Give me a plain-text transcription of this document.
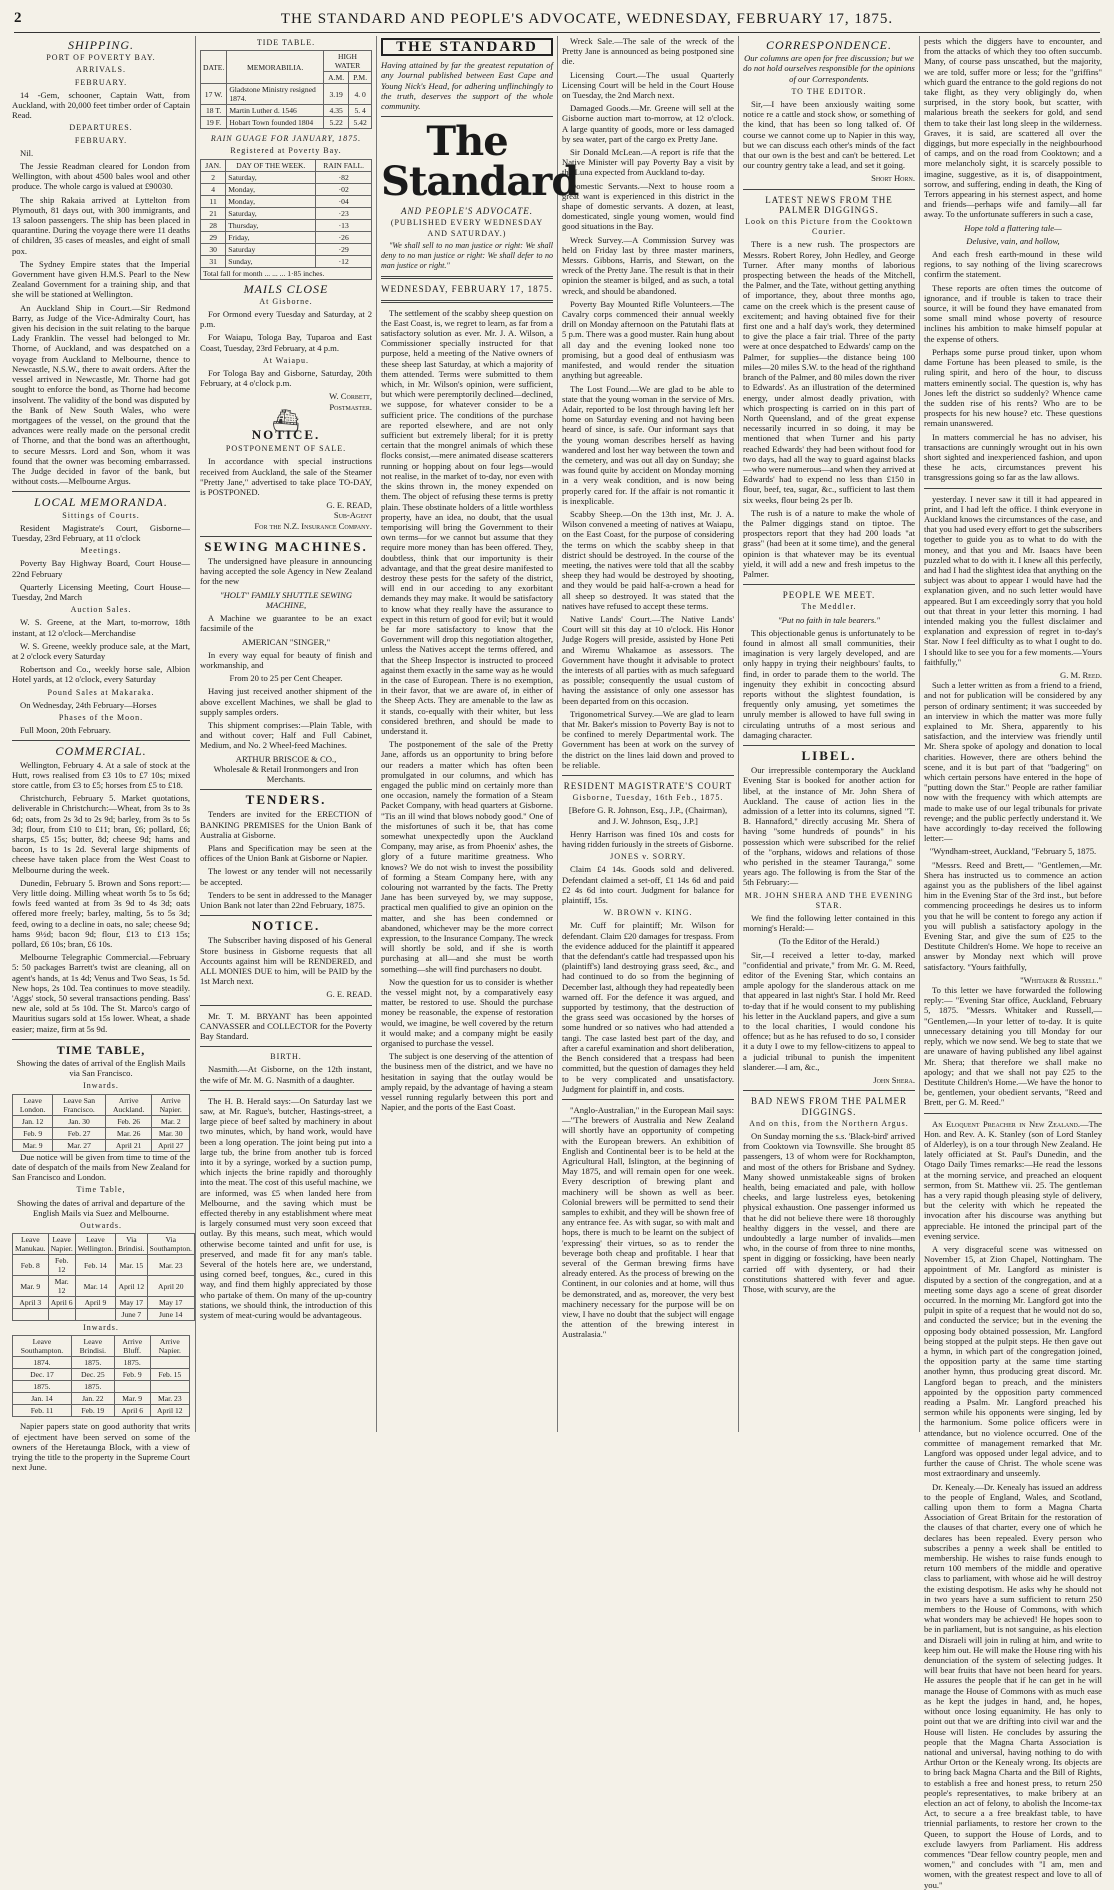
2	THE STANDARD AND PEOPLE'S ADVOCATE, WEDNESDAY, FEBRUARY 17, 1875.
SHIPPING.
PORT OF POVERTY BAY.
ARRIVALS.
FEBRUARY.

14 -Gem, schooner, Captain Watt, from Auckland, with 20,000 feet timber order of Captain Read.

DEPARTURES.
FEBRUARY.

Nil.

The Jessie Readman cleared for London from Wellington, with about 4500 bales wool and other produce. The whole cargo is valued at £90030.

The ship Rakaia arrived at Lyttelton from Plymouth, 81 days out, with 300 immigrants, and 13 saloon passengers. The ship has been placed in quarantine. During the voyage there were 11 deaths of children, 35 cases of measles, and eight of small pox.

The Sydney Empire states that the Imperial Government have given H.M.S. Pearl to the New Zealand Government for a training ship, and that she will be stationed at Wellington.

An Auckland Ship in Court.—Sir Redmond Barry, as Judge of the Vice-Admiralty Court, has given his decision in the suit relating to the barque Lady Franklin. The vessel had belonged to Mr. Thorne, of Auckland, and was despatched on a voyage from Auckland to Melbourne, thence to Newcastle, N.S.W., there to await orders. After the vessel arrived in Newcastle, Mr. Thorne had got sought to enforce the bond, as Thorne had become insolvent. The validity of the bond was disputed by the Bank of New South Wales, who were mortgagees of the vessel, on the ground that the advances were really made on the personal credit of Thorne, and that the bond was an afterthought, to secure Messrs. Lord and Son, whom it was found that the owner was becoming embarrassed. The Judge decided in favor of the bank, but without costs.—Melbourne Argus.

LOCAL MEMORANDA.
Sittings of Courts.

Resident Magistrate's Court, Gisborne—Tuesday, 23rd February, at 11 o'clock

Meetings.

Poverty Bay Highway Board, Court House—22nd February

Quarterly Licensing Meeting, Court House—Tuesday, 2nd March

Auction Sales.

W. S. Greene, at the Mart, to-morrow, 18th instant, at 12 o'clock—Merchandise

W. S. Greene, weekly produce sale, at the Mart, at 2 o'clock every Saturday

Robertson and Co., weekly horse sale, Albion Hotel yards, at 12 o'clock, every Saturday

Pound Sales at Makaraka.

On Wednesday, 24th February—Horses

Phases of the Moon.

Full Moon, 20th February.

COMMERCIAL.

Wellington, February 4. At a sale of stock at the Hutt, rows realised from £3 10s to £7 10s; mixed store cattle, from £3 to £5; horses from £5 to £18.

Christchurch, February 5. Market quotations, deliverable in Christchurch:—Wheat, from 3s to 3s 6d; oats, from 2s 3d to 2s 9d; barley, from 3s to 5s 3d; flour, from £10 to £11; bran, £6; pollard, £6; sharps, £5 15s; butter, 8d; cheese 9d; hams and bacon, 1s to 1s 2d. Several large shipments of cheese have taken place from the West Coast to Melbourne during the week.

Dunedin, February 5. Brown and Sons report:—Very little doing. Milling wheat worth 5s to 5s 6d; fowls feed wanted at from 3s 9d to 4s 3d; oats offered more freely; barley, malting, 5s to 5s 3d; feed, owing to a decline in oats, no sale; cheese 9d; hams 9½d; bacon 9d; flour, £13 to £13 15s; pollard, £6 10s; bran, £6 10s.

Melbourne Telegraphic Commercial.—February 5: 50 packages Barrett's twist are cleaning, all on agent's hands, at 1s 4d; Venus and Two Seas, 1s 5d. New hops, 2s 10d. Tea continues to move steadily. 'Aggs' stock, 50 several transactions pending. Bass' new ale, sold at 5s 10d. The St. Marco's cargo of Mauritius sugars sold at 15s lower. Wheat, a shade easier; maize, firm at 5s 9d.

TIME TABLE,

Showing the dates of arrival of the English Mails via San Francisco.

Inwards.
Leave London.	Leave San Francisco.	Arrive Auckland.	Arrive Napier.
Jan. 12	Jan. 30	Feb. 26	Mar. 2
Feb. 9	Feb. 27	Mar. 26	Mar. 30
Mar. 9	Mar. 27	April 21	April 27

Due notice will be given from time to time of the date of despatch of the mails from New Zealand for San Francisco and London.

Time Table,

Showing the dates of arrival and departure of the English Mails via Suez and Melbourne.

Outwards.
Leave Manukau.	Leave Napier.	Leave Wellington.	Via Brindisi.	Via Southampton.
Feb. 8	Feb. 12	Feb. 14	Mar. 15	Mar. 23
Mar. 9	Mar. 12	Mar. 14	April 12	April 20
April 3	April 6	April 9	May 17	May 17
			June 7	June 14
Inwards.
Leave Southampton.	Leave Brindisi.	Arrive Bluff.	Arrive Napier.
1874.	1875.	1875.	
Dec. 17	Dec. 25	Feb. 9	Feb. 15
1875.	1875.		
Jan. 14	Jan. 22	Mar. 9	Mar. 23
Feb. 11	Feb. 19	April 6	April 12

Napier papers state on good authority that writs of ejectment have been served on some of the owners of the Heretaunga Block, with a view of trying the title to the property in the Supreme Court next June.

TIDE TABLE.
DATE.	MEMORABILIA.	HIGH WATER	
		A.M.	P.M.
17 W.	Gladstone Ministry resigned 1874.	3.19	4. 0
18 T.	Martin Luther d. 1546	4.35	5. 4
19 F.	Hobart Town founded 1804	5.22	5.42
RAIN GUAGE FOR JANUARY, 1875.
Registered at Poverty Bay.
JAN.	DAY OF THE WEEK.	RAIN FALL.
2	Saturday,	·82
4	Monday,	·02
11	Monday,	·04
21	Saturday,	·23
28	Thursday,	·13
29	Friday,	·26
30	Saturday	·29
31	Sunday,	·12
Total fall for month ... ... ... 1·85 inches.		
MAILS CLOSE
At Gisborne.

For Ormond every Tuesday and Saturday, at 2 p.m.

For Waiapu, Tologa Bay, Tuparoa and East Coast, Tuesday, 23rd February, at 4 p.m.

At Waiapu.

For Tologa Bay and Gisborne, Saturday, 20th February, at 4 o'clock p.m.

W. Corbett,
Postmaster.
⛴
NOTICE.
POSTPONEMENT OF SALE.

In accordance with special instructions received from Auckland, the sale of the Steamer "Pretty Jane," advertised to take place TO-DAY, is POSTPONED.

G. E. READ,
Sub-Agent
For the N.Z. Insurance Company.
SEWING MACHINES.

The undersigned have pleasure in announcing having accepted the sole Agency in New Zealand for the new

"HOLT" FAMILY SHUTTLE SEWING MACHINE,

A Machine we guarantee to be an exact facsimile of the

AMERICAN "SINGER,"

In every way equal for beauty of finish and workmanship, and

From 20 to 25 per Cent Cheaper.

Having just received another shipment of the above excellent Machines, we shall be glad to supply samples orders.

This shipment comprises:—Plain Table, with and without cover; Half and Full Cabinet, Medium, and No. 2 Wheel-feed Machines.

ARTHUR BRISCOE & CO.,
Wholesale & Retail Ironmongers and Iron Merchants.
TENDERS.

Tenders are invited for the ERECTION of BANKING PREMISES for the Union Bank of Australia at Gisborne.

Plans and Specification may be seen at the offices of the Union Bank at Gisborne or Napier.

The lowest or any tender will not necessarily be accepted.

Tenders to be sent in addressed to the Manager Union Bank not later than 22nd February, 1875.

NOTICE.

The Subscriber having disposed of his General Store business in Gisborne requests that all Accounts against him will be RENDERED, and ALL MONIES DUE to him, will be PAID by the 1st March next.

G. E. READ.

Mr. T. M. BRYANT has been appointed CANVASSER and COLLECTOR for the Poverty Bay Standard.

BIRTH.

Nasmith.—At Gisborne, on the 12th instant, the wife of Mr. M. G. Nasmith of a daughter.

The H. B. Herald says:—On Saturday last we saw, at Mr. Rague's, butcher, Hastings-street, a large piece of beef salted by machinery in about two minutes, which, by hand work, would have been a long operation. The joint being put into a large tub, the brine from another tub is forced into it by a syringe, worked by a suction pump, which injects the brine rapidly and thoroughly into the meat. The cost of this useful machine, we are informed, was £5 when landed here from Melbourne, and the saving which must be effected thereby in any establishment where meat is largely consumed must very soon exceed that outlay. By this means, such meat, which would otherwise become tainted and unfit for use, is preserved, and made fit for any man's table. Several of the hotels here are, we understand, using corned beef, tongues, &c., cured in this way, and find them highly appreciated by those who partake of them. On many of the up-country stations, we should think, the introduction of this system of meat-curing would be advantageous.

THE STANDARD

Having attained by far the greatest reputation of any Journal published between East Cape and Young Nick's Head, for adhering unflinchingly to the truth, deserves the support of the whole community.

The Standard
AND PEOPLE'S ADVOCATE.
(PUBLISHED EVERY WEDNESDAY AND SATURDAY.)

"We shall sell to no man justice or right: We shall deny to no man justice or right: We shall defer to no man justice or right."

WEDNESDAY, FEBRUARY 17, 1875.

The settlement of the scabby sheep question on the East Coast, is, we regret to learn, as far from a satisfactory solution as ever. Mr. J. A. Wilson, a Commissioner specially instructed for that purpose, held a meeting of the Native owners of these sheep last Saturday, at which a majority of them attended. Terms were submitted to them which, in Mr. Wilson's opinion, were sufficient, but which were peremptorily declined—declined, we suppose, for whatever consider to be a sufficient price. The conditions of the purchase are reported elsewhere, and are not only sufficient but extremely liberal; for it is pretty certain that the mongrel animals of which these flocks consist,—mere animated disease scatterers running or hopping about on four legs—would not realise, in the market of to-day, nor even with the skins thrown in, the money expended on them. The object of refusing these terms is pretty plain. These obstinate holders of a little worthless property, have an idea, no doubt, that the usual temporising will bring the Government to their own terms—for we cannot but assume that they require more money than has been offered. They, doubtless, think that our importunity is their advantage, and that the great desire manifested to destroy these pests for the safety of the district, will end in our acceding to any exorbitant demands they may make. It would be satisfactory to know what they really have the assurance to expect in this return of good for evil; but it would be far more satisfactory to know that the Government will drop this negotiation altogether, unless the Natives accept the terms offered, and that the Sheep Inspector is instructed to proceed against them exactly in the same way as he would in the case of European. There is no exemption, in their favor, that we are aware of, in either of the Sheep Acts. They are amenable to the law as it stands, co-equally with their whiter, but less considered brethren, and should be made to understand it.

The postponement of the sale of the Pretty Jane, affords us an opportunity to bring before our readers a matter which has often been promulgated in our columns, and which has engaged the public mind on certainly more than one occasion, namely the formation of a Steam Packet Company, with head quarters at Gisborne. "Tis an ill wind that blows nobody good." One of the misfortunes of such it be, that has come somewhat unexpectedly upon the Auckland Company, may arise, as from Phoenix' ashes, the glory of a future maritime greatness. Who knows? We do not wish to invest the possibility of forming a Steam Company here, with any colouring not warranted by the facts. The Pretty Jane has been surveyed by, we may suppose, practical men qualified to give an opinion on the matter, and she has been condemned or abandoned, whichever may be the more correct expression, to the Insurance Company. The wreck will shortly be sold, and if she is worth purchasing at all—and she must be worth something—she will find purchasers no doubt.

Now the question for us to consider is whether the vessel might not, by a comparatively easy matter, be restored to use. Should the purchase money be reasonable, the expense of restoration would, we imagine, be well covered by the return it would make; and a company might be easily organised to purchase the vessel.

The subject is one deserving of the attention of the business men of the district, and we have no hesitation in saying that the outlay would be amply repaid, by the advantage of having a steam vessel running regularly between this port and Napier, and the ports of the East Coast.

Wreck Sale.—The sale of the wreck of the Pretty Jane is announced as being postponed sine die.

Licensing Court.—The usual Quarterly Licensing Court will be held in the Court House on Tuesday, the 2nd March next.

Damaged Goods.—Mr. Greene will sell at the Gisborne auction mart to-morrow, at 12 o'clock. A large quantity of goods, more or less damaged by sea water, part of the cargo ex Pretty Jane.

Sir Donald McLean.—A report is rife that the Native Minister will pay Poverty Bay a visit by the Luna expected from Auckland to-day.

Domestic Servants.—Next to house room a great want is experienced in this district in the shape of domestic servants. A dozen, at least, domesticated, single young women, would find good situations in the Bay.

Wreck Survey.—A Commission Survey was held on Friday last by three master mariners, Messrs. Gibbons, Harris, and Stewart, on the wreck of the Pretty Jane. The result is that in their opinion the steamer is bilged, and as such, a total wreck, and should be abandoned.

Poverty Bay Mounted Rifle Volunteers.—The Cavalry corps commenced their annual weekly drill on Monday afternoon on the Patutahi flats at 5 p.m. There was a good muster. Rain hung about all day and the evening looked none too promising, but a good deal of enthusiasm was manifested, and would render the situation anything but agreeable.

The Lost Found.—We are glad to be able to state that the young woman in the service of Mrs. Adair, reported to be lost through having left her home on Saturday evening and not having been heard of since, is safe. Our informant says that the young woman describes herself as having wandered and lost her way between the town and the cemetery, and was out all day on Sunday; she was found quite by accident on Monday morning in a very weak condition, and is now being properly cared for. If the affair is not romantic it is inexplicable.

Scabby Sheep.—On the 13th inst, Mr. J. A. Wilson convened a meeting of natives at Waiapu, on the East Coast, for the purpose of considering the terms on which the scabby sheep in that district should be destroyed. In the course of the meeting, the natives were told that all the scabby sheep they had would be destroyed by shooting, and they would be paid half-a-crown a head for all sheep so destroyed. It was stated that the natives have refused to accept these terms.

Native Lands' Court.—The Native Lands' Court will sit this day at 10 o'clock. His Honor Judge Rogers will preside, assisted by Hone Peti and Wiremu Whakamoe as assessors. The Government have thought it advisable to protect the interests of all parties with as much safeguard as possible; consequently the usual custom of having the assistance of only one assessor has been departed from on this occasion.

Trigonometrical Survey.—We are glad to learn that Mr. Baker's mission to Poverty Bay is not to be confined to merely Departmental work. The Government has been at work on the survey of the district on the lines laid down and proved to be reliable.

RESIDENT MAGISTRATE'S COURT
Gisborne, Tuesday, 16th Feb., 1875.

[Before G. R. Johnson, Esq., J.P., (Chairman), and J. W. Johnson, Esq., J.P.]

Henry Harrison was fined 10s and costs for having ridden furiously in the streets of Gisborne.

JONES v. SORRY.

Claim £4 14s. Goods sold and delivered. Defendant claimed a set-off, £1 14s 6d and paid £2 4s 6d into court. Judgment for balance for plaintiff, 15s.

W. BROWN v. KING.

Mr. Cuff for plaintiff; Mr. Wilson for defendant. Claim £20 damages for trespass. From the evidence adduced for the plaintiff it appeared that the defendant's cattle had trespassed upon his (plaintiff's) land destroying grass seed, &c., and had continued to do so from the beginning of December last, although they had repeatedly been warned off. For the defence it was argued, and supported by testimony, that the destruction of the grass seed was occasioned by the horses of some hundred or so natives who had attended a tangi. The case lasted best part of the day, and after a careful examination and short deliberation, the Bench considered that a trespass had been committed, but the question of damages they held to be very complicated and unsatisfactory. Judgment for plaintiff in, and costs.

"Anglo-Australian," in the European Mail says:—"The brewers of Australia and New Zealand will shortly have an opportunity of competing with the European brewers. An exhibition of English and Continental beer is to be held at the Agricultural Hall, Islington, at the beginning of May 1875, and will remain open for one week. Every description of brewing plant and machinery will be shown as well as beer. Colonial brewers will be permitted to send their samples to exhibit, and they will be shown free of any entrance fee. As with sugar, so with malt and hops, there is much to be learnt on the subject of 'expressing' their virtues, so as to render the beverage both cheap and profitable. I hear that several of the German brewing firms have already entered. As the process of brewing on the Continent, in our colonies and at home, will thus be demonstrated, and as, moreover, the very best machinery necessary for the purpose will be on view, I have no doubt that the subject will engage the attention of the brewing interest in Australasia."

CORRESPONDENCE.

Our columns are open for free discussion; but we do not hold ourselves responsible for the opinions of our Correspondents.

TO THE EDITOR.

Sir,—I have been anxiously waiting some notice re a cattle and stock show, or something of the kind, that has been so long talked of. Of course we cannot come up to Napier in this way, but we can discuss each other's minds of the fact that our own is the best and can't be bettered. Let our country gentry take a lead, and set it going.

Short Horn.
LATEST NEWS FROM THE PALMER DIGGINGS.
Look on this Picture from the Cooktown Courier.

There is a new rush. The prospectors are Messrs. Robert Rorey, John Hedley, and George Turner. After many months of laborious prospecting between the heads of the Mitchell, the Palmer, and the Tate, without getting anything of importance, they, about three months ago, came on the creek which is the present cause of excitement; and having obtained five for their first one and a half day's work, they determined to give the place a fair trial. Three of the party were at once despatched to Edwards' camp on the Palmer, for supplies—the distance being 100 miles—20 miles S.W. to the head of the righthand branch of the Palmer, and 80 miles down the river to Edwards'. As an illustration of the determined energy, under almost deadly privation, with which prospecting is carried on in this part of North Queensland, and of the great expense necessarily incurred in so doing, it may be mentioned that when Turner and his party reached Edwards' they had been without food for two days, had all the way to guard against blacks—who were numerous—and when they arrived at Edwards' had to expend no less than £150 in flour, beef, tea, sugar, &c., sufficient to last them six weeks, flour being 2s per lb.

The rush is of a nature to make the whole of the Palmer diggings stand on tiptoe. The prospectors report that they had 200 loads "at grass" (had been at it some time), and the general opinion is that whatever may be its eventual yield, it will add a new and fresh impetus to the Palmer.

PEOPLE WE MEET.
The Meddler.

"Put no faith in tale bearers."

This objectionable genus is unfortunately to be found in almost all small communities, their imagination is very largely developed, and are only happy in trying their neighbours' faults, to find, in order to parade them to the world. The ingenuity they exhibit in concocting absurd reports without the slightest foundation, is frequently only amusing, yet sometimes the unruly member is allowed to have full swing in circulating untruths of a most serious and damaging character.

LIBEL.

Our irrepressible contemporary the Auckland Evening Star is booked for another action for libel, at the instance of Mr. John Shera of Auckland. The cause of action lies in the admission of a letter into its columns, signed "T. B. Hannaford," directly accusing Mr. Shera of having "some hundreds of pounds" in his possession which were subscribed for the relief of the "orphans, widows and relations of those who perished in the steamer Tauranga," some years ago. The following is from the Star of the 5th February:—

MR. JOHN SHERA AND THE EVENING STAR.

We find the following letter contained in this morning's Herald:—

(To the Editor of the Herald.)

Sir,—I received a letter to-day, marked "confidential and private," from Mr. G. M. Reed, editor of the Evening Star, which contains an ample apology for the slanderous attack on me that appeared in last night's Star. I hold Mr. Reed to-day that if he would consent to my publishing his letter in the Auckland papers, and give a sum to the local charities, I would condone his offence; but as he has refused to do so, I consider it a duty I owe to my fellow-citizens to appeal to a judicial tribunal to punish the impenitent slanderer.—I am, &c.,

John Shera.
BAD NEWS FROM THE PALMER DIGGINGS.
And on this, from the Northern Argus.

On Sunday morning the s.s. 'Black-bird' arrived from Cooktown via Townsville. She brought 85 passengers, 13 of whom were for Rockhampton, and most of the others for Brisbane and Sydney. Many showed unmistakeable signs of broken health, being emaciated and pale, with hollow cheeks, and large lustreless eyes, betokening physical exhaustion. One passenger informed us that he did not believe there were 18 thoroughly healthy diggers in the vessel, and there are undoubtedly a large number of invalids—men who, in the course of from three to nine months, spent in digging or fossicking, have been nearly carried off with dysentery, or had their constitutions shattered with fever and ague. Those, with scurvy, are the

pests which the diggers have to encounter, and from the attacks of which they too often succumb. Many, of course pass unscathed, but the majority, we are told, suffer more or less; for the "griffins" which guard the entrance to the gold regions do not take flight, as they very obligingly do, when surprised, in the story book, but scatter, with malarious breath the seekers for gold, and send them to take their last long sleep in the wilderness. Graves, it is said, are scattered all over the diggings, but more especially in the neighbourhood of camps, and on the road from Cooktown; and a more melancholy sight, it is scarcely possible to imagine, suggestive, as it is, of disappointment, sorrow, and suffering, ending in death, the King of Terrors appearing in his sternest aspect, and home and friends—perhaps wife and family—all far away. To the unfortunate sufferers in such a case,

Hope told a flattering tale—

Delusive, vain, and hollow,

And each fresh earth-mound in these wild regions, to say nothing of the living scarecrows confirm the statement.

These reports are often times the outcome of ignorance, and if trouble is taken to trace their source, it will be found they have emanated from some small mind whose poverty of resource inclines his ambition to make himself popular at the expense of others.

Perhaps some purse proud tinker, upon whom dame Fortune has been pleased to smile, is the ruling spirit, and hero of the hour, to discuss matters eminently social. The question is, why has Jones left the district so suddenly? Whence came the sudden rise of his rents? Who are to be prospects for his new house? etc. These questions remain unanswered.

In matters commercial he has no adviser, his transactions are cunningly wrought out in his own short sighted and inexperienced fashion, and upon these he acts, circumstances prevent his transgressions going so far as the law allows.

yesterday. I never saw it till it had appeared in print, and I had left the office. I think everyone in Auckland knows the circumstances of the case, and that you had used every effort to get the subscribers together to guide you as to what to do with the money, and that you and Mr. Isaacs have been puzzled what to do with it. I knew all this perfectly, and had I had the slightest idea that anything on the subject was about to appear I would have had the explanation given, and no such letter would have appeared. But I am exceedingly sorry that you hold out that threat in your letter this morning. I had intended making you the fullest disclaimer and explanation and expression of regret in to-day's Star. Now I feel difficulty as to what I ought to do. I should like to see you for a few moments.—Yours faithfully,"

G. M. Reed.

Such a letter written as from a friend to a friend, and not for publication will be considered by any person of ordinary sentiment; it was succeeded by an interview in which the matter was more fully explained to Mr. Shera, apparently to his satisfaction, and the interview was friendly until Mr. Shera spoke of apology and donation to local charities. However, there are others behind the scene, and it is but part of that "badgering" on which certain persons have entered in the hope of "putting down the Star." People are rather familiar now with the frequency with which attempts are made to make use of our legal tribunals for private revenge; and the public perfectly understand it. We have accordingly to-day received the following letter:—

"Wyndham-street, Auckland, "February 5, 1875.

"Messrs. Reed and Brett,— "Gentlemen,—Mr. Shera has instructed us to commence an action against you as the publishers of the libel against him in the Evening Star of the 3rd inst., but before commencing proceedings he desires us to inform you that he will be content to forego any action if you will publish a satisfactory apology in the Evening Star, and give the sum of £25 to the Destitute Children's Home. We hope to receive an answer by Monday next which will prove satisfactory. "Yours faithfully,

"Whitaker & Russell."

To this letter we have forwarded the following reply:— "Evening Star office, Auckland, February 5, 1875. "Messrs. Whitaker and Russell,— "Gentlemen,—In your letter of to-day. It is quite unnecessary detaining you till Monday for our reply, which we now send. We beg to state that we are unaware of having published any libel against Mr. Shera; that therefore we shall make no apology; and that we shall not pay £25 to the Destitute Children's Home.—We have the honor to be, gentlemen, your obedient servants, "Reed and Brett, per G. M. Reed."

An Eloquent Preacher in New Zealand.—The Hon. and Rev. A. K. Stanley (son of Lord Stanley of Alderley), is on a tour through New Zealand. He lately officiated at St. Paul's Dunedin, and the Otago Daily Times remarks:—He read the lessons at the morning service, and preached an eloquent sermon, from St. Matthew vii. 25. The gentleman has a very rapid though pleasing style of delivery, but the celerity with which he repeated the invocation after his discourse was anything but appreciable. He intoned the principal part of the evening service.

A very disgraceful scene was witnessed on November 15, at Zion Chapel, Nottingham. The appointment of Mr. Langford as minister is disputed by a section of the congregation, and at a meeting some days ago a scene of great disorder occurred. In the morning Mr. Langford got into the pulpit in spite of a request that he would not do so, and conducted the service; but in the evening the opposing body obtained possession, Mr. Langford being stopped at the pulpit steps. He then gave out a hymn, in which part of the congregation joined, the opposition party at the same time starting another hymn, thus producing great discord. Mr. Langford began to preach, and the ministers appointed by the opposition party commenced reading a Psalm. Mr. Langford preached his sermon while his opponents were singing, led by the harmonium. Some police officers were in attendance, but no violence occurred. One of the committee of management remarked that Mr. Langford was opposed under legal advice, and to further the cause of Christ. The whole scene was most extraordinary and unseemly.

Dr. Kenealy.—Dr. Kenealy has issued an address to the people of England, Wales, and Scotland, calling upon them to form a Magna Charta Association of Great Britain for the restoration of the clauses of that charter, every one of which he declares has been repealed. Every person who subscribes a penny a week shall be entitled to membership. He wishes to raise funds enough to return 100 members of the middle and operative class to parliament, with whose aid he will destroy the existing despotism. He asks why he should not in two years have a sum sufficient to return 250 members to the House of Commons, with which what wonders may be achieved! He hopes soon to be in parliament, but is not sanguine, as his election and Disraeli will join in ruling at him, and write to keep him out. He will make the House ring with his denunciation of the system of selecting judges. It will bear fruits that have not been heard for years. He assures the people that if he can get in he will manage the House of Commons with as much ease as he kept the judges in hand, and, he hopes, without once losing equanimity. He has only to point out that we are drifting into civil war and the House will listen. He concludes by assuring the people that the Magna Charta Association is national and universal, having nothing to do with Arthur Orton or the Kenealy wrong. Its objects are to bring back Magna Charta and the Bill of Rights, to establish a free and honest press, to return 250 people's representatives, to make bribery at an election an act of felony, to abolish the Income-tax Act, to secure a a free breakfast table, to have triennial parliaments, to restore her crown to the Queen, to support the House of Lords, and to exclude lawyers from Parliament. His address commences "Dear fellow country people, men and women," and concludes with "I am, men and women, with the greatest respect and love to all of you."
